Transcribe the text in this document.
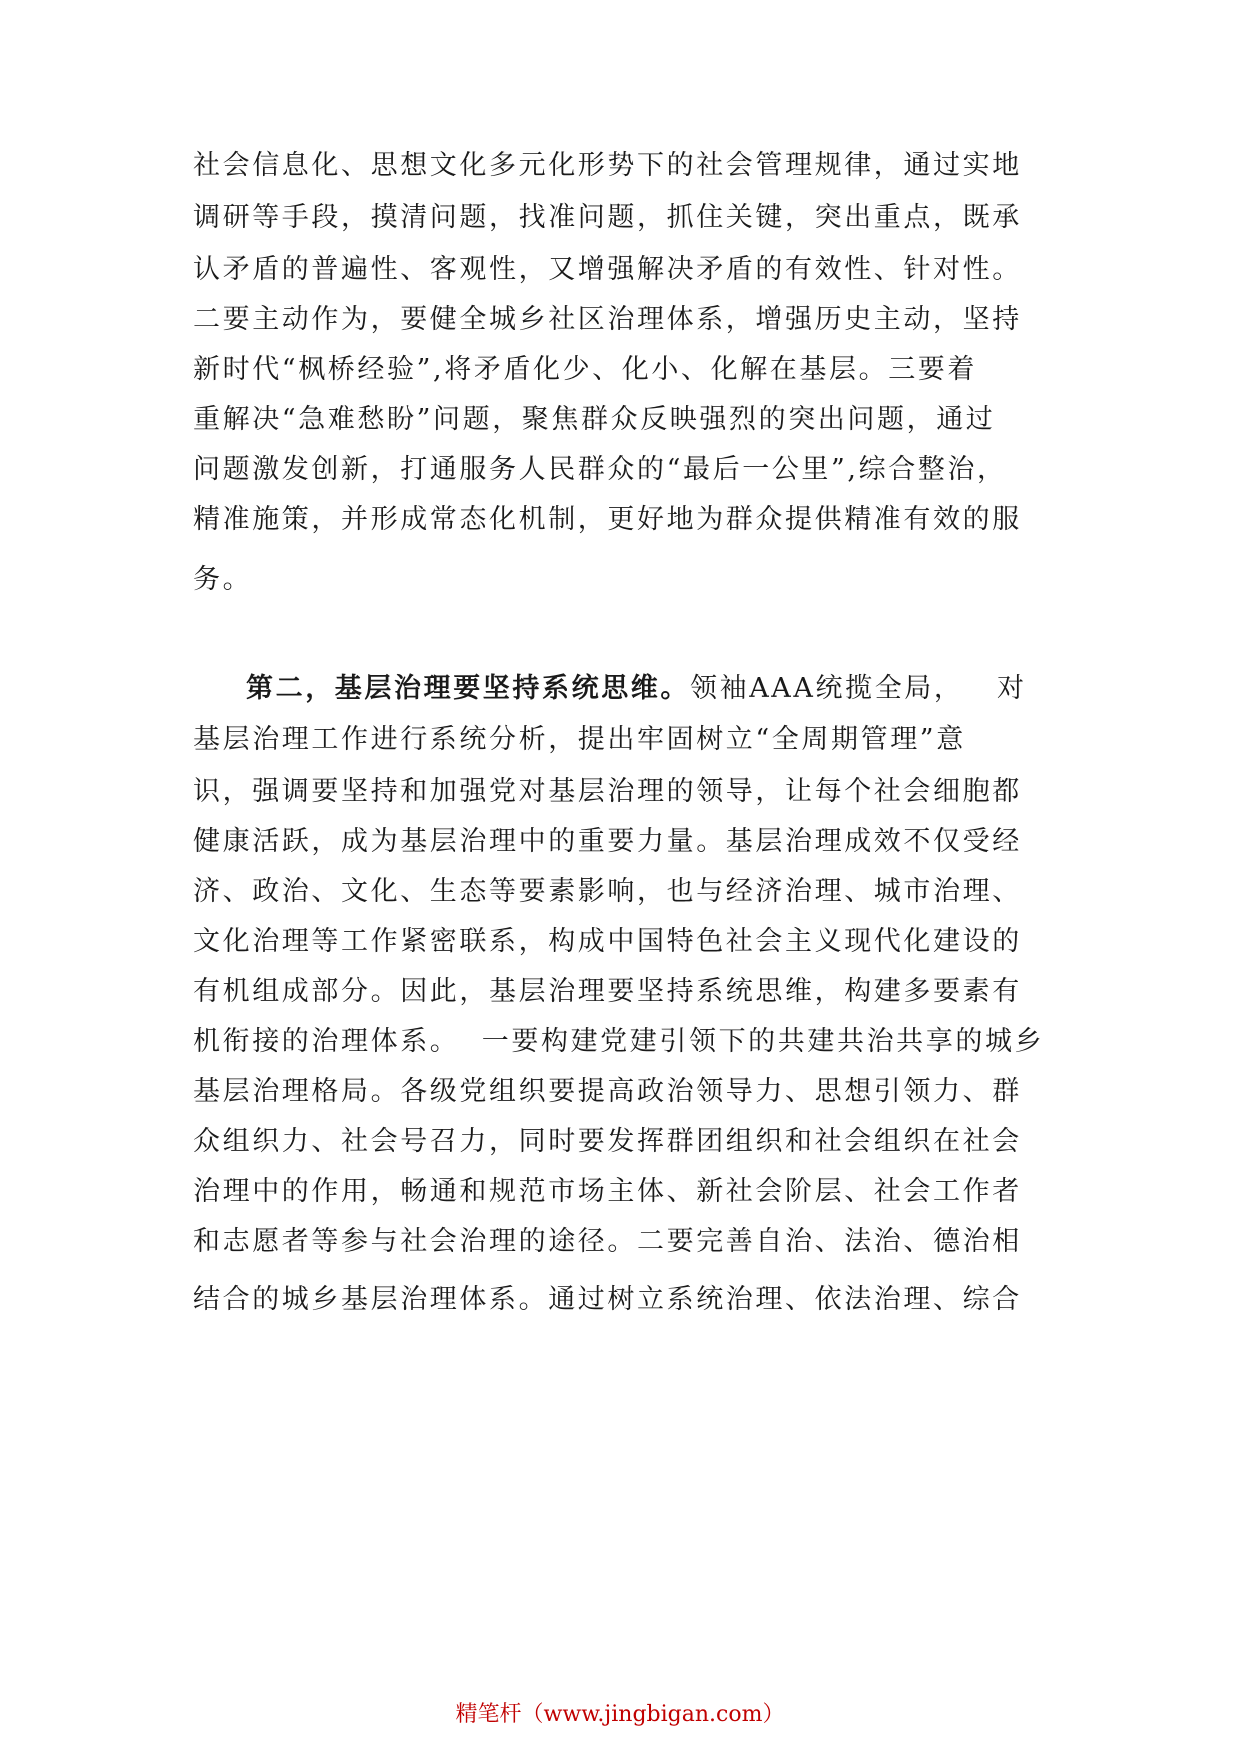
社会信息化、思想文化多元化形势下的社会管理规律，通过实地
调研等手段，摸清问题，找准问题，抓住关键，突出重点，既承
认矛盾的普遍性、客观性，又增强解决矛盾的有效性、针对性。
二要主动作为，要健全城乡社区治理体系，增强历史主动，坚持
新时代“枫桥经验”,将矛盾化少、化小、化解在基层。三要着
重解决“急难愁盼”问题，聚焦群众反映强烈的突出问题，通过
问题激发创新，打通服务人民群众的“最后一公里”,综合整治，
精准施策，并形成常态化机制，更好地为群众提供精准有效的服
务。
第二，基层治理要坚持系统思维。领袖AAA统揽全局，   对
基层治理工作进行系统分析，提出牢固树立“全周期管理”意
识，强调要坚持和加强党对基层治理的领导，让每个社会细胞都
健康活跃，成为基层治理中的重要力量。基层治理成效不仅受经
济、政治、文化、生态等要素影响，也与经济治理、城市治理、
文化治理等工作紧密联系，构成中国特色社会主义现代化建设的
有机组成部分。因此，基层治理要坚持系统思维，构建多要素有
机衔接的治理体系。  一要构建党建引领下的共建共治共享的城乡
基层治理格局。各级党组织要提高政治领导力、思想引领力、群
众组织力、社会号召力，同时要发挥群团组织和社会组织在社会
治理中的作用，畅通和规范市场主体、新社会阶层、社会工作者
和志愿者等参与社会治理的途径。二要完善自治、法治、德治相
结合的城乡基层治理体系。通过树立系统治理、依法治理、综合
精笔杆（www.jingbigan.com）
